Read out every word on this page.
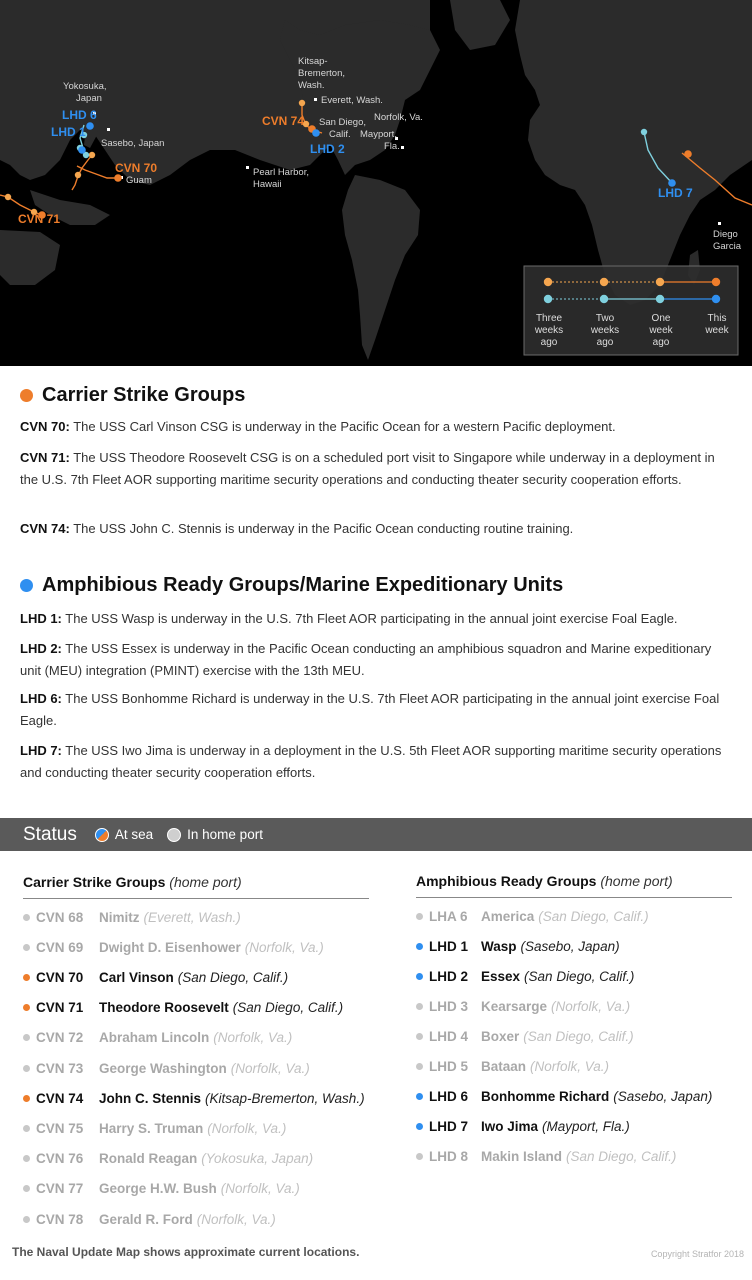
Yokosuka,
Japan
Sasebo, Japan
Guam
Pearl Harbor,
Hawaii
Kitsap-
Bremerton,
Wash.
Everett, Wash.
San Diego,
Calif.
Norfolk, Va.
Mayport,
Fla.
Diego
Garcia
LHD 6
LHD 1
CVN 70
CVN 71
CVN 74
LHD 2
LHD 7
Three
weeks
ago
Two
weeks
ago
One
week
ago
This
week
Carrier Strike Groups
CVN 70: The USS Carl Vinson CSG is underway in the Pacific Ocean for a western Pacific deployment.
CVN 71: The USS Theodore Roosevelt CSG is on a scheduled port visit to Singapore while underway in a deployment in the U.S. 7th Fleet AOR supporting maritime security operations and conducting theater security cooperation efforts.
CVN 74: The USS John C. Stennis is underway in the Pacific Ocean conducting routine training.
Amphibious Ready Groups/Marine Expeditionary Units
LHD 1: The USS Wasp is underway in the U.S. 7th Fleet AOR participating in the annual joint exercise Foal Eagle.
LHD 2: The USS Essex is underway in the Pacific Ocean conducting an amphibious squadron and Marine expeditionary unit (MEU) integration (PMINT) exercise with the 13th MEU.
LHD 6: The USS Bonhomme Richard is underway in the U.S. 7th Fleet AOR participating in the annual joint exercise Foal Eagle.
LHD 7: The USS Iwo Jima is underway in a deployment in the U.S. 5th Fleet AOR supporting maritime security operations and conducting theater security cooperation efforts.
Status	At sea	In home port
Carrier Strike Groups (home port)	Amphibious Ready Groups (home port)
CVN 68	Nimitz (Everett, Wash.)
CVN 69	Dwight D. Eisenhower (Norfolk, Va.)
CVN 70	Carl Vinson (San Diego, Calif.)
CVN 71	Theodore Roosevelt (San Diego, Calif.)
CVN 72	Abraham Lincoln (Norfolk, Va.)
CVN 73	George Washington (Norfolk, Va.)
CVN 74	John C. Stennis (Kitsap-Bremerton, Wash.)
CVN 75	Harry S. Truman (Norfolk, Va.)
CVN 76	Ronald Reagan (Yokosuka, Japan)
CVN 77	George H.W. Bush (Norfolk, Va.)
CVN 78	Gerald R. Ford (Norfolk, Va.)
LHA 6 America (San Diego, Calif.)
LHD 1 Wasp (Sasebo, Japan)
LHD 2 Essex (San Diego, Calif.)
LHD 3 Kearsarge (Norfolk, Va.)
LHD 4 Boxer (San Diego, Calif.)
LHD 5 Bataan (Norfolk, Va.)
LHD 6 Bonhomme Richard (Sasebo, Japan)
LHD 7 Iwo Jima (Mayport, Fla.)
LHD 8 Makin Island (San Diego, Calif.)
The Naval Update Map shows approximate current locations.	Copyright Stratfor 2018
